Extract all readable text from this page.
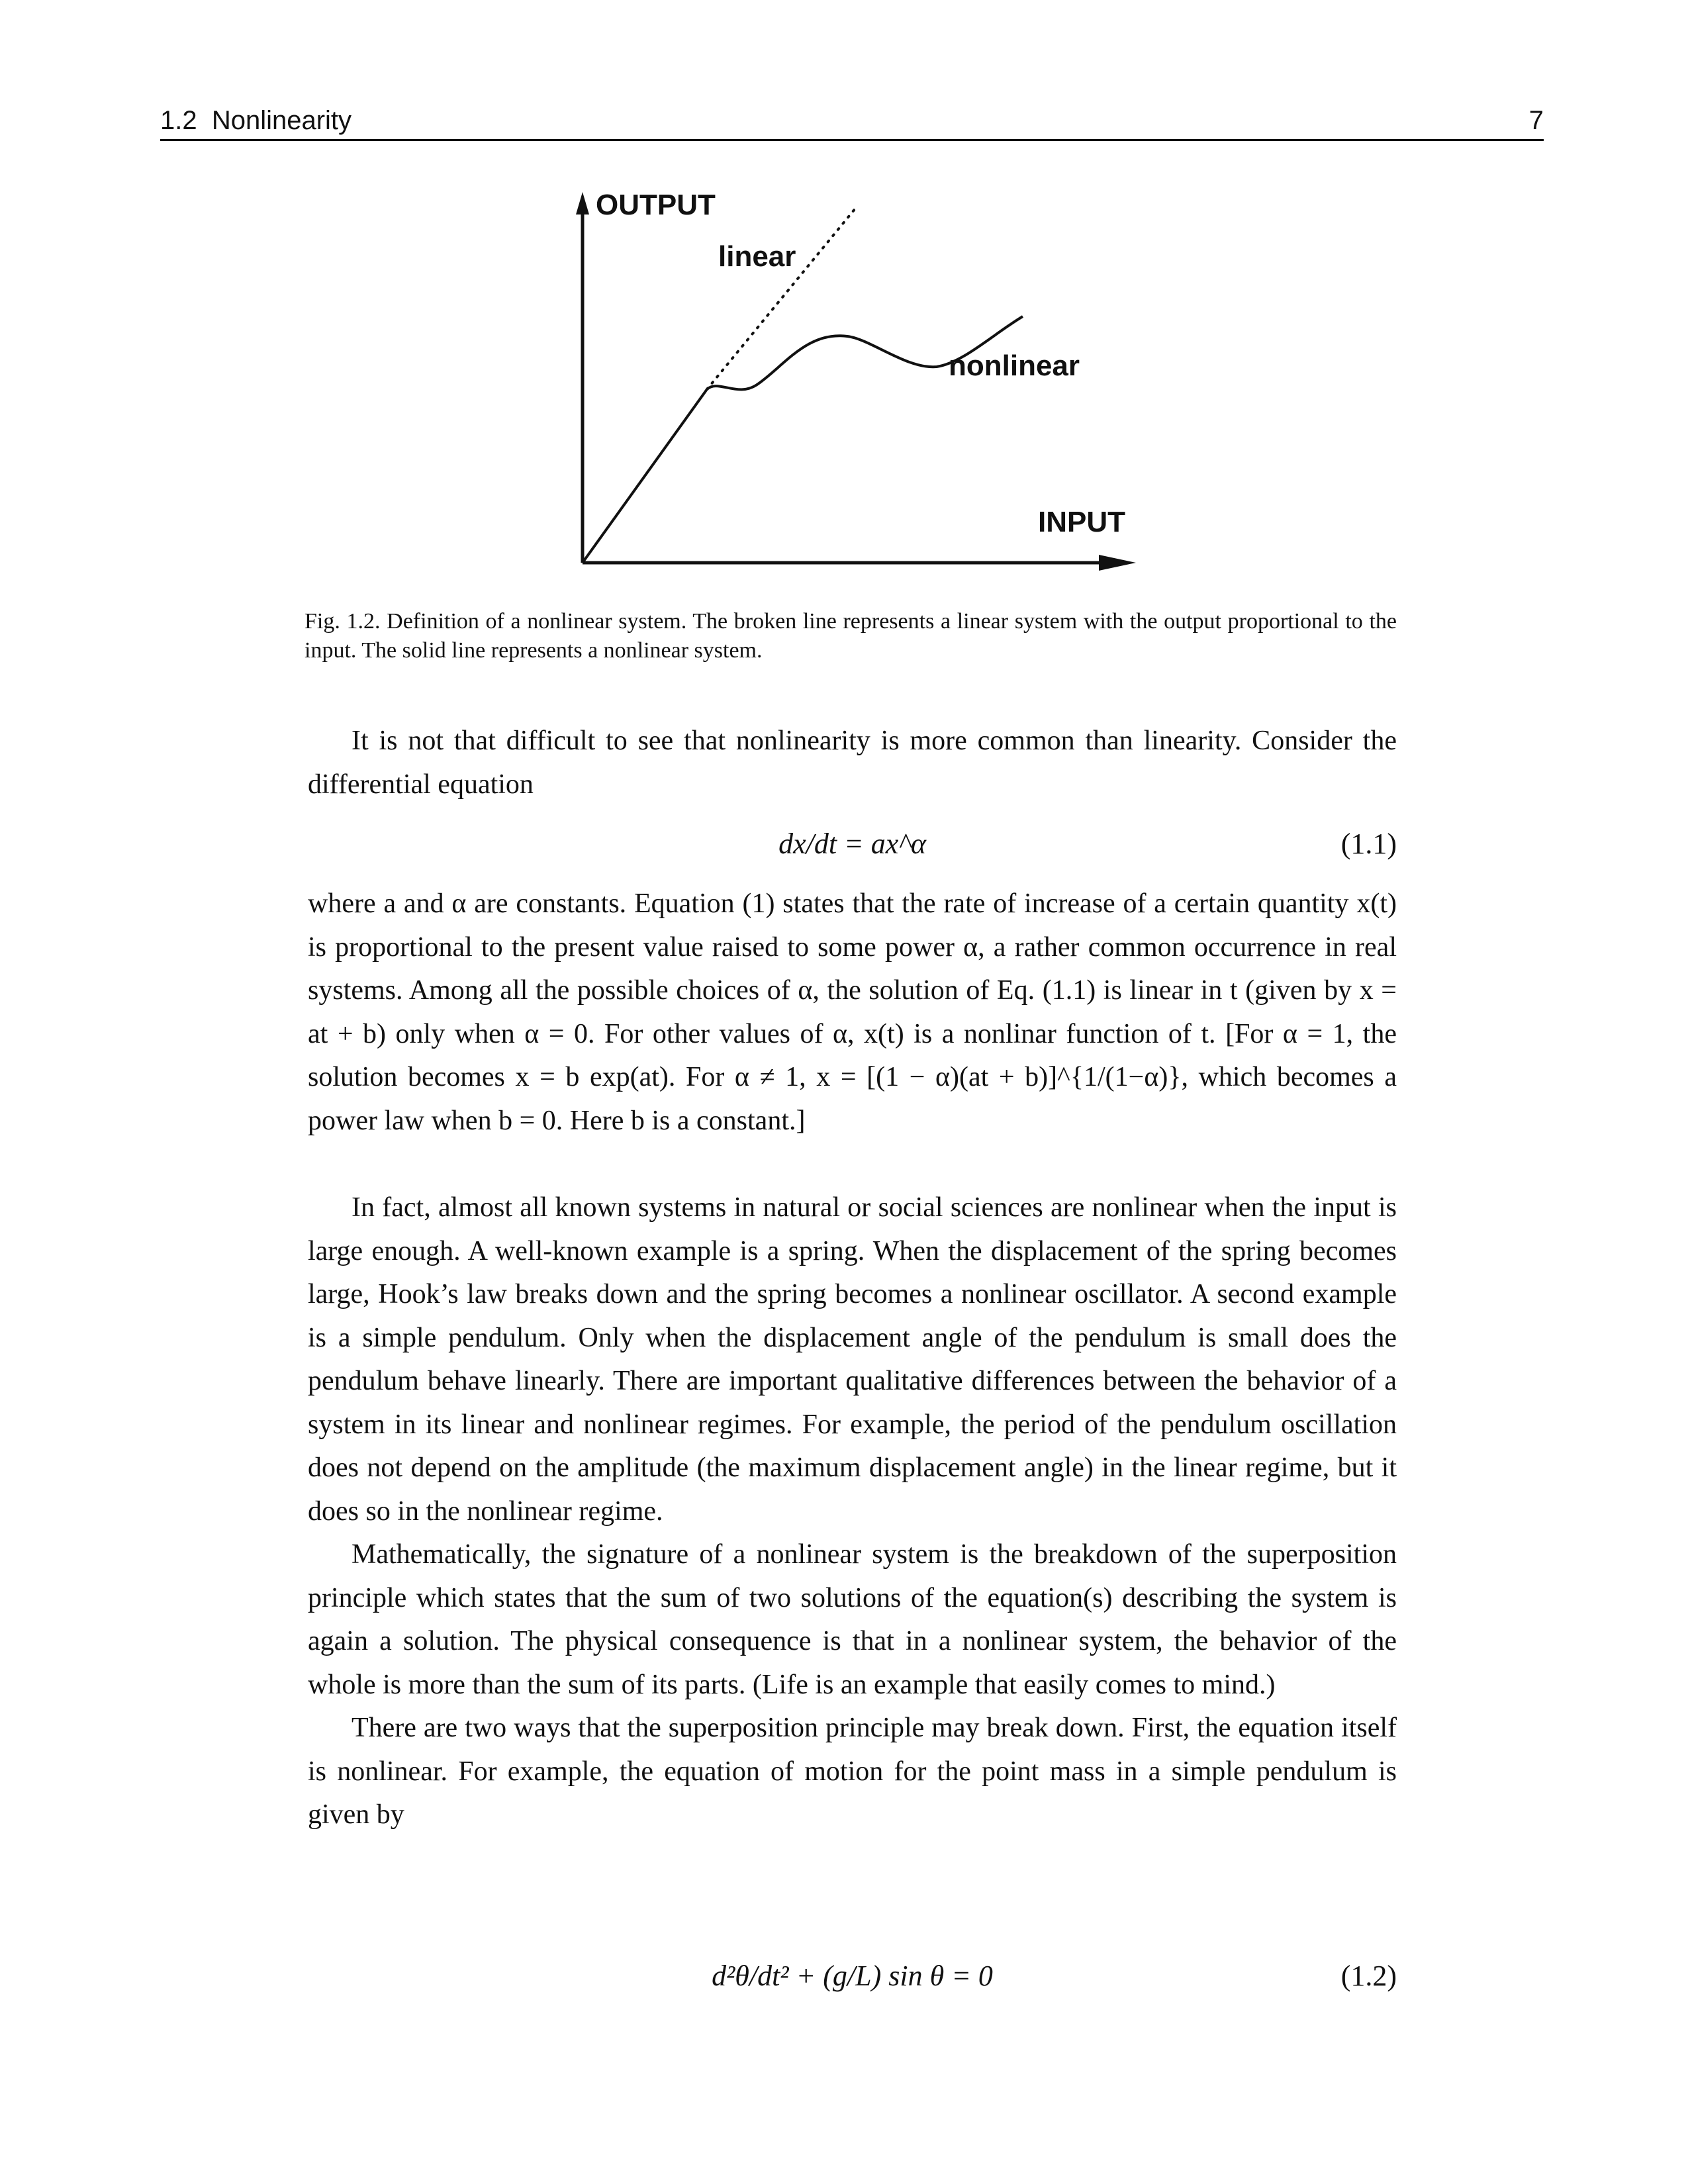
1.2  Nonlinearity	7
OUTPUT
linear
nonlinear
INPUT
Fig. 1.2. Definition of a nonlinear system. The broken line represents a linear system with the output proportional to the input. The solid line represents a nonlinear system.

It is not that difficult to see that nonlinearity is more common than linearity. Consider the differential equation

dx/dt = ax^α	(1.1)

where a and α are constants. Equation (1) states that the rate of increase of a certain quantity x(t) is proportional to the present value raised to some power α, a rather common occurrence in real systems. Among all the possible choices of α, the solution of Eq. (1.1) is linear in t (given by x = at + b) only when α = 0. For other values of α, x(t) is a nonlinar function of t. [For α = 1, the solution becomes x = b exp(at). For α ≠ 1, x = [(1 − α)(at + b)]^{1/(1−α)}, which becomes a power law when b = 0. Here b is a constant.]

In fact, almost all known systems in natural or social sciences are nonlinear when the input is large enough. A well-known example is a spring. When the displacement of the spring becomes large, Hook’s law breaks down and the spring becomes a nonlinear oscillator. A second example is a simple pendulum. Only when the displacement angle of the pendulum is small does the pendulum behave linearly. There are important qualitative differences between the behavior of a system in its linear and nonlinear regimes. For example, the period of the pendulum oscillation does not depend on the amplitude (the maximum displacement angle) in the linear regime, but it does so in the nonlinear regime.

Mathematically, the signature of a nonlinear system is the breakdown of the superposition principle which states that the sum of two solutions of the equation(s) describing the system is again a solution. The physical consequence is that in a nonlinear system, the behavior of the whole is more than the sum of its parts. (Life is an example that easily comes to mind.)

There are two ways that the superposition principle may break down. First, the equation itself is nonlinear. For example, the equation of motion for the point mass in a simple pendulum is given by

d²θ/dt² + (g/L) sin θ = 0	(1.2)
